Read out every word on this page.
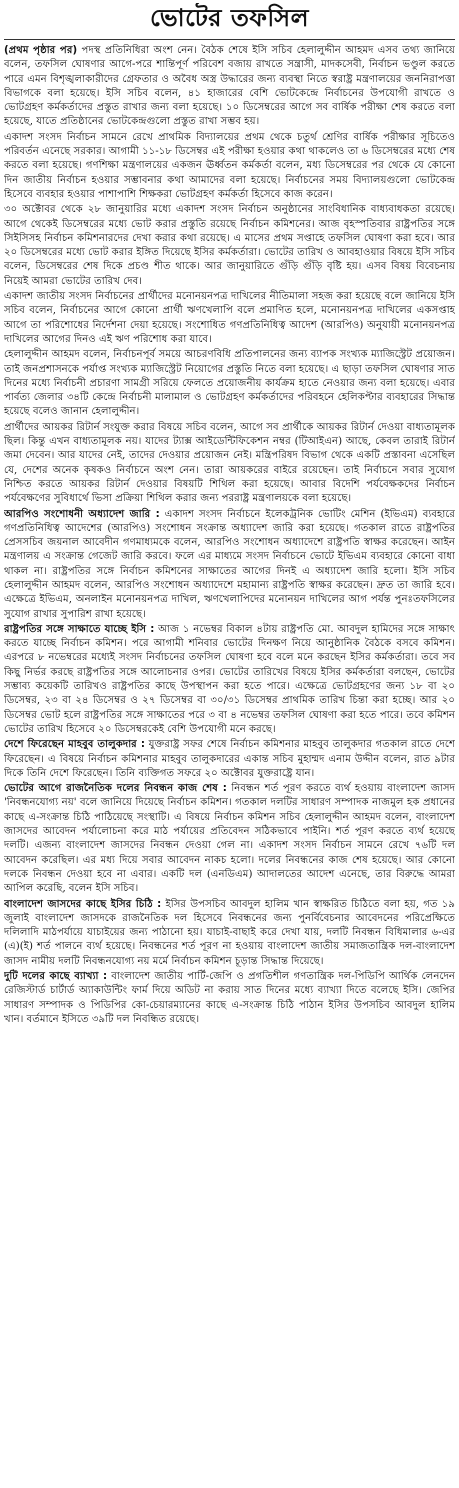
ভোটের তফসিল

(প্রথম পৃষ্ঠার পর) পদস্থ প্রতিনিধিরা অংশ নেন। বৈঠক শেষে ইসি সচিব হেলালুদ্দীন আহমদ এসব তথ্য জানিয়ে বলেন, তফসিল ঘোষণার আগে-পরে শান্তিপূর্ণ পরিবেশ বজায় রাখতে সন্ত্রাসী, মাদকসেবী, নির্বাচন ভণ্ডুল করতে পারে এমন বিশৃঙ্খলাকারীদের গ্রেফতার ও অবৈধ অস্ত্র উদ্ধারের জন্য ব্যবস্থা নিতে স্বরাষ্ট্র মন্ত্রণালয়ের জননিরাপত্তা বিভাগকে বলা হয়েছে। ইসি সচিব বলেন, ৪১ হাজারের বেশি ভোটকেন্দ্রে নির্বাচনের উপযোগী রাখতে ও ভোটগ্রহণ কর্মকর্তাদের প্রস্তুত রাখার জন্য বলা হয়েছে। ১০ ডিসেম্বরের আগে সব বার্ষিক পরীক্ষা শেষ করতে বলা হয়েছে, যাতে প্রতিষ্ঠানের ভোটকেন্দ্রগুলো প্রস্তুত রাখা সম্ভব হয়।

একাদশ সংসদ নির্বাচন সামনে রেখে প্রাথমিক বিদ্যালয়ের প্রথম থেকে চতুর্থ শ্রেণির বার্ষিক পরীক্ষার সূচিতেও পরিবর্তন এনেছে সরকার। আগামী ১১-১৮ ডিসেম্বর এই পরীক্ষা হওয়ার কথা থাকলেও তা ৬ ডিসেম্বরের মধ্যে শেষ করতে বলা হয়েছে। গণশিক্ষা মন্ত্রণালয়ের একজন ঊর্ধ্বতন কর্মকর্তা বলেন, মধ্য ডিসেম্বরের পর থেকে যে কোনো দিন জাতীয় নির্বাচন হওয়ার সম্ভাবনার কথা আমাদের বলা হয়েছে। নির্বাচনের সময় বিদ্যালয়গুলো ভোটকেন্দ্র হিসেবে ব্যবহার হওয়ার পাশাপাশি শিক্ষকরা ভোটগ্রহণ কর্মকর্তা হিসেবে কাজ করেন।

৩০ অক্টোবর থেকে ২৮ জানুয়ারির মধ্যে একাদশ সংসদ নির্বাচন অনুষ্ঠানের সাংবিধানিক বাধ্যবাধকতা রয়েছে। আগে থেকেই ডিসেম্বরের মধ্যে ভোট করার প্রস্তুতি রয়েছে নির্বাচন কমিশনের। আজ বৃহস্পতিবার রাষ্ট্রপতির সঙ্গে সিইসিসহ নির্বাচন কমিশনারদের দেখা করার কথা রয়েছে। এ মাসের প্রথম সপ্তাহে তফসিল ঘোষণা করা হবে। আর ২০ ডিসেম্বরের মধ্যে ভোট করার ইঙ্গিত দিয়েছে ইসির কর্মকর্তারা। ভোটের তারিখ ও আবহাওয়ার বিষয়ে ইসি সচিব বলেন, ডিসেম্বরের শেষ দিকে প্রচণ্ড শীত থাকে। আর জানুয়ারিতে গুঁড়ি গুঁড়ি বৃষ্টি হয়। এসব বিষয় বিবেচনায় নিয়েই আমরা ভোটের তারিখ দেব।

একাদশ জাতীয় সংসদ নির্বাচনের প্রার্থীদের মনোনয়নপত্র দাখিলের নীতিমালা সহজ করা হয়েছে বলে জানিয়ে ইসি সচিব বলেন, নির্বাচনের আগে কোনো প্রার্থী ঋণখেলাপি বলে প্রমাণিত হলে, মনোনয়নপত্র দাখিলের একসপ্তাহ আগে তা পরিশোধের নির্দেশনা দেয়া হয়েছে। সংশোধিত গণপ্রতিনিধিত্ব আদেশ (আরপিও) অনুযায়ী মনোনয়নপত্র দাখিলের আগের দিনও এই ঋণ পরিশোধ করা যাবে।

হেলালুদ্দীন আহমদ বলেন, নির্বাচনপূর্ব সময়ে আচরণবিধি প্রতিপালনের জন্য ব্যাপক সংখ্যক ম্যাজিস্ট্রেট প্রয়োজন। তাই জনপ্রশাসনকে পর্যাপ্ত সংখ্যক ম্যাজিস্ট্রেট নিয়োগের প্রস্তুতি নিতে বলা হয়েছে। এ ছাড়া তফসিল ঘোষণার সাত দিনের মধ্যে নির্বাচনী প্রচারণা সামগ্রী সরিয়ে ফেলতে প্রয়োজনীয় কার্যক্রম হাতে নেওয়ার জন্য বলা হয়েছে। এবার পার্বত্য জেলার ৩৪টি কেন্দ্রে নির্বাচনী মালামাল ও ভোটগ্রহণ কর্মকর্তাদের পরিবহনে হেলিকপ্টার ব্যবহারের সিদ্ধান্ত হয়েছে বলেও জানান হেলালুদ্দীন।

প্রার্থীদের আয়কর রিটার্ন সংযুক্ত করার বিষয়ে সচিব বলেন, আগে সব প্রার্থীকে আয়কর রিটার্ন দেওয়া বাধ্যতামূলক ছিল। কিন্তু এখন বাধ্যতামূলক নয়। যাদের ট্যাক্স আইডেন্টিফিকেশন নম্বর (টিআইএন) আছে, কেবল তারাই রিটার্ন জমা দেবেন। আর যাদের নেই, তাদের দেওয়ার প্রয়োজন নেই। মন্ত্রিপরিষদ বিভাগ থেকে একটি প্রস্তাবনা এসেছিল যে, দেশের অনেক কৃষকও নির্বাচনে অংশ নেন। তারা আয়করের বাইরে রয়েছেন। তাই নির্বাচনে সবার সুযোগ নিশ্চিত করতে আয়কর রিটার্ন দেওয়ার বিষয়টি শিথিল করা হয়েছে। আবার বিদেশি পর্যবেক্ষকদের নির্বাচন পর্যবেক্ষণের সুবিধার্থে ভিসা প্রক্রিয়া শিথিল করার জন্য পররাষ্ট্র মন্ত্রণালয়কে বলা হয়েছে।

আরপিও সংশোধনী অধ্যাদেশ জারি : একাদশ সংসদ নির্বাচনে ইলেকট্রনিক ভোটিং মেশিন (ইভিএম) ব্যবহারে গণপ্রতিনিধিত্ব আদেশের (আরপিও) সংশোধন সংক্রান্ত অধ্যাদেশ জারি করা হয়েছে। গতকাল রাতে রাষ্ট্রপতির প্রেসসচিব জয়নাল আবেদীন গণমাধ্যমকে বলেন, আরপিও সংশোধন অধ্যাদেশে রাষ্ট্রপতি স্বাক্ষর করেছেন। আইন মন্ত্রণালয় এ সংক্রান্ত গেজেট জারি করবে। ফলে এর মাধ্যমে সংসদ নির্বাচনে ভোটে ইভিএম ব্যবহারে কোনো বাধা থাকল না। রাষ্ট্রপতির সঙ্গে নির্বাচন কমিশনের সাক্ষাতের আগের দিনই এ অধ্যাদেশ জারি হলো। ইসি সচিব হেলালুদ্দীন আহমদ বলেন, আরপিও সংশোধন অধ্যাদেশে মহামান্য রাষ্ট্রপতি স্বাক্ষর করেছেন। দ্রুত তা জারি হবে। এক্ষেত্রে ইভিএম, অনলাইন মনোনয়নপত্র দাখিল, ঋণখেলাপিদের মনোনয়ন দাখিলের আগ পর্যন্ত পুনঃতফসিলের সুযোগ রাখার সুপারিশ রাখা হয়েছে।

রাষ্ট্রপতির সঙ্গে সাক্ষাতে যাচ্ছে ইসি : আজ ১ নভেম্বর বিকাল ৪টায় রাষ্ট্রপতি মো. আবদুল হামিদের সঙ্গে সাক্ষাৎ করতে যাচ্ছে নির্বাচন কমিশন। পরে আগামী শনিবার ভোটের দিনক্ষণ নিয়ে আনুষ্ঠানিক বৈঠকে বসবে কমিশন। এরপরে ৮ নভেম্বরের মধ্যেই সংসদ নির্বাচনের তফসিল ঘোষণা হবে বলে মনে করছেন ইসির কর্মকর্তারা। তবে সব কিছু নির্ভর করছে রাষ্ট্রপতির সঙ্গে আলোচনার ওপর। ভোটের তারিখের বিষয়ে ইসির কর্মকর্তারা বলছেন, ভোটের সম্ভাব্য কয়েকটি তারিখও রাষ্ট্রপতির কাছে উপস্থাপন করা হতে পারে। এক্ষেত্রে ভোটগ্রহণের জন্য ১৮ বা ২০ ডিসেম্বর, ২৩ বা ২৪ ডিসেম্বর ও ২৭ ডিসেম্বর বা ৩০/৩১ ডিসেম্বর প্রাথমিক তারিখ চিন্তা করা হচ্ছে। আর ২০ ডিসেম্বর ভোট হলে রাষ্ট্রপতির সঙ্গে সাক্ষাতের পরে ৩ বা ৪ নভেম্বর তফসিল ঘোষণা করা হতে পারে। তবে কমিশন ভোটের তারিখ হিসেবে ২০ ডিসেম্বরকেই বেশি উপযোগী মনে করছে।

দেশে ফিরেছেন মাহবুব তালুকদার : যুক্তরাষ্ট্র সফর শেষে নির্বাচন কমিশনার মাহবুব তালুকদার গতকাল রাতে দেশে ফিরেছেন। এ বিষয়ে নির্বাচন কমিশনার মাহবুব তালুকদারের একান্ত সচিব মুহাম্মদ এনাম উদ্দীন বলেন, রাত ৯টার দিকে তিনি দেশে ফিরেছেন। তিনি ব্যক্তিগত সফরে ২০ অক্টোবর যুক্তরাষ্ট্রে যান।

ভোটের আগে রাজনৈতিক দলের নিবন্ধন কাজ শেষ : নিবন্ধন শর্ত পূরণ করতে ব্যর্থ হওয়ায় বাংলাদেশ জাসদ 'নিবন্ধনযোগ্য নয়' বলে জানিয়ে দিয়েছে নির্বাচন কমিশন। গতকাল দলটির সাধারণ সম্পাদক নাজমুল হক প্রধানের কাছে এ-সংক্রান্ত চিঠি পাঠিয়েছে সংস্থাটি। এ বিষয়ে নির্বাচন কমিশন সচিব হেলালুদ্দীন আহমদ বলেন, বাংলাদেশ জাসদের আবেদন পর্যালোচনা করে মাঠ পর্যায়ের প্রতিবেদন সঠিকভাবে পাইনি। শর্ত পূরণ করতে ব্যর্থ হয়েছে দলটি। এজন্য বাংলাদেশ জাসদের নিবন্ধন দেওয়া গেল না। একাদশ সংসদ নির্বাচন সামনে রেখে ৭৬টি দল আবেদন করেছিল। এর মধ্য দিয়ে সবার আবেদন নাকচ হলো। দলের নিবন্ধনের কাজ শেষ হয়েছে। আর কোনো দলকে নিবন্ধন দেওয়া হবে না এবার। একটি দল (এনডিএম) আদালতের আদেশ এনেছে, তার বিরুদ্ধে আমরা আপিল করেছি, বলেন ইসি সচিব।

বাংলাদেশ জাসদের কাছে ইসির চিঠি : ইসির উপসচিব আবদুল হালিম খান স্বাক্ষরিত চিঠিতে বলা হয়, গত ১৯ জুলাই বাংলাদেশ জাসদকে রাজনৈতিক দল হিসেবে নিবন্ধনের জন্য পুনর্বিবেচনার আবেদনের পরিপ্রেক্ষিতে দলিলাদি মাঠপর্যায়ে যাচাইয়ের জন্য পাঠানো হয়। যাচাই-বাছাই করে দেখা যায়, দলটি নিবন্ধন বিধিমালার ৬-এর (এ)(ই) শর্ত পালনে ব্যর্থ হয়েছে। নিবন্ধনের শর্ত পূরণ না হওয়ায় বাংলাদেশ জাতীয় সমাজতান্ত্রিক দল-বাংলাদেশ জাসদ নামীয় দলটি নিবন্ধনযোগ্য নয় মর্মে নির্বাচন কমিশন চূড়ান্ত সিদ্ধান্ত দিয়েছে।

দুটি দলের কাছে ব্যাখ্যা : বাংলাদেশ জাতীয় পার্টি-জেপি ও প্রগতিশীল গণতান্ত্রিক দল-পিডিপি আর্থিক লেনদেন রেজিস্টার্ড চার্টার্ড অ্যাকাউন্টিং ফার্ম দিয়ে অডিট না করায় সাত দিনের মধ্যে ব্যাখ্যা দিতে বলেছে ইসি। জেপির সাধারণ সম্পাদক ও পিডিপির কো-চেয়ারম্যানের কাছে এ-সংক্রান্ত চিঠি পাঠান ইসির উপসচিব আবদুল হালিম খান। বর্তমানে ইসিতে ৩৯টি দল নিবন্ধিত রয়েছে।
